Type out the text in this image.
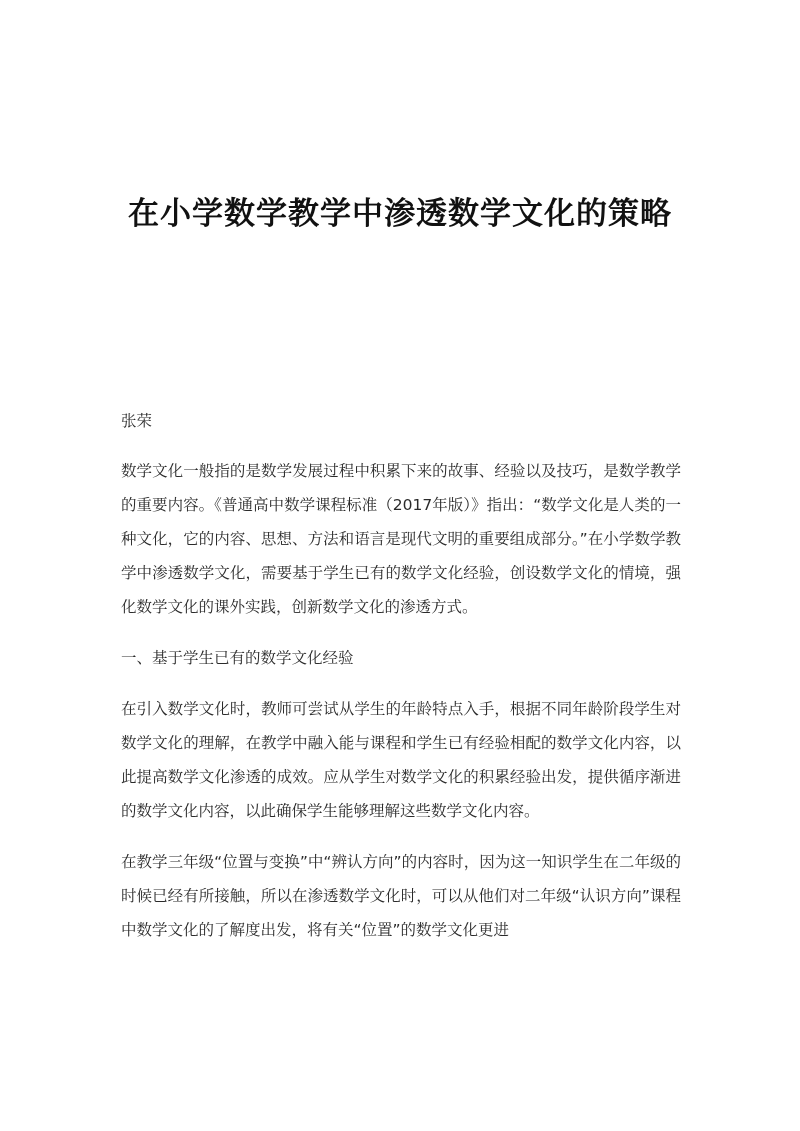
在小学数学教学中渗透数学文化的策略

张荣

数学文化一般指的是数学发展过程中积累下来的故事、经验以及技巧，是数学教学的重要内容。《普通高中数学课程标准（2017年版）》指出：“数学文化是人类的一种文化，它的内容、思想、方法和语言是现代文明的重要组成部分。”在小学数学教学中渗透数学文化，需要基于学生已有的数学文化经验，创设数学文化的情境，强化数学文化的课外实践，创新数学文化的渗透方式。

一、基于学生已有的数学文化经验

在引入数学文化时，教师可尝试从学生的年龄特点入手，根据不同年龄阶段学生对数学文化的理解，在教学中融入能与课程和学生已有经验相配的数学文化内容，以此提高数学文化渗透的成效。应从学生对数学文化的积累经验出发，提供循序渐进的数学文化内容，以此确保学生能够理解这些数学文化内容。

在教学三年级“位置与变换”中“辨认方向”的内容时，因为这一知识学生在二年级的时候已经有所接触，所以在渗透数学文化时，可以从他们对二年级“认识方向”课程中数学文化的了解度出发，将有关“位置”的数学文化更进
